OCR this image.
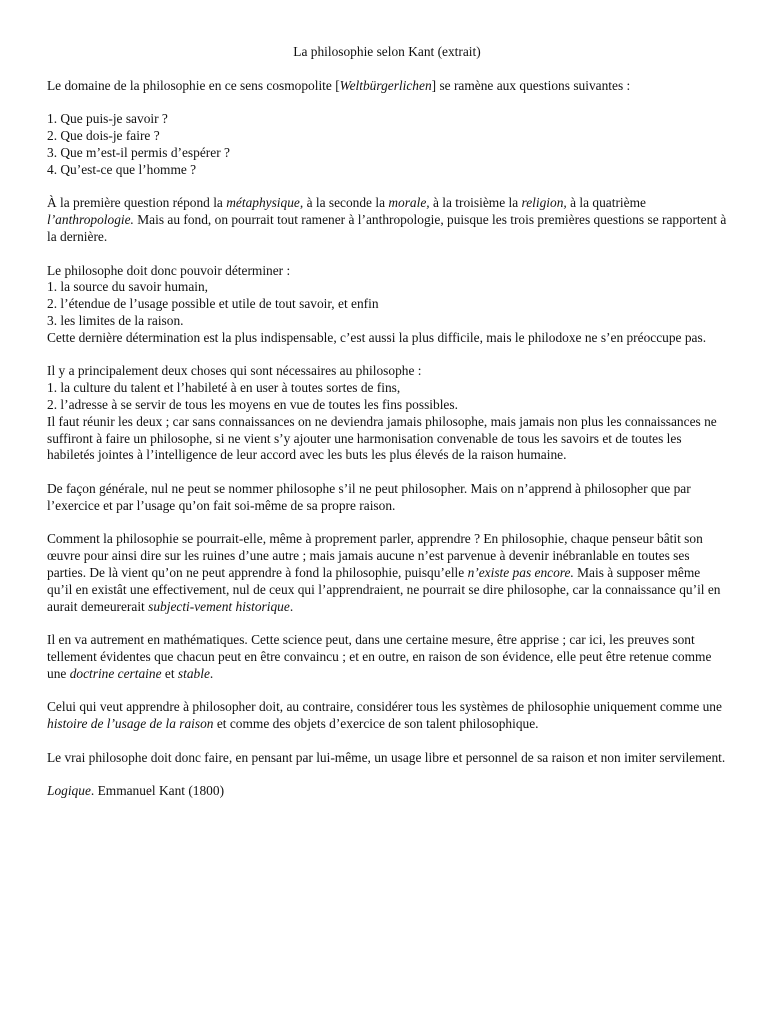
La philosophie selon Kant (extrait)

Le domaine de la philosophie en ce sens cosmopolite [Weltbürgerlichen] se ramène aux questions suivantes :

1. Que puis-je savoir ?
2. Que dois-je faire ?
3. Que m’est-il permis d’espérer ?
4. Qu’est-ce que l’homme ?

À la première question répond la métaphysique, à la seconde la morale, à la troisième la religion, à la quatrième l’anthropologie. Mais au fond, on pourrait tout ramener à l’anthropologie, puisque les trois premières questions se rapportent à la dernière.

Le philosophe doit donc pouvoir déterminer :
1. la source du savoir humain,
2. l’étendue de l’usage possible et utile de tout savoir, et enfin
3. les limites de la raison.
Cette dernière détermination est la plus indispensable, c’est aussi la plus difficile, mais le philodoxe ne s’en préoccupe pas.

Il y a principalement deux choses qui sont nécessaires au philosophe :
1. la culture du talent et l’habileté à en user à toutes sortes de fins,
2. l’adresse à se servir de tous les moyens en vue de toutes les fins possibles.
Il faut réunir les deux ; car sans connaissances on ne deviendra jamais philosophe, mais jamais non plus les connaissances ne suffiront à faire un philosophe, si ne vient s’y ajouter une harmonisation convenable de tous les savoirs et de toutes les habiletés jointes à l’intelligence de leur accord avec les buts les plus élevés de la raison humaine.

De façon générale, nul ne peut se nommer philosophe s’il ne peut philosopher. Mais on n’apprend à philosopher que par l’exercice et par l’usage qu’on fait soi-même de sa propre raison.

Comment la philosophie se pourrait-elle, même à proprement parler, apprendre ? En philosophie, chaque penseur bâtit son œuvre pour ainsi dire sur les ruines d’une autre ; mais jamais aucune n’est parvenue à devenir inébranlable en toutes ses parties. De là vient qu’on ne peut apprendre à fond la philosophie, puisqu’elle n’existe pas encore. Mais à supposer même qu’il en existât une effectivement, nul de ceux qui l’apprendraient, ne pourrait se dire philosophe, car la connaissance qu’il en aurait demeurerait subjecti-vement historique.

Il en va autrement en mathématiques. Cette science peut, dans une certaine mesure, être apprise ; car ici, les preuves sont tellement évidentes que chacun peut en être convaincu ; et en outre, en raison de son évidence, elle peut être retenue comme une doctrine certaine et stable.

Celui qui veut apprendre à philosopher doit, au contraire, considérer tous les systèmes de philosophie uniquement comme une histoire de l’usage de la raison et comme des objets d’exercice de son talent philosophique.

Le vrai philosophe doit donc faire, en pensant par lui-même, un usage libre et personnel de sa raison et non imiter servilement.

Logique. Emmanuel Kant (1800)
